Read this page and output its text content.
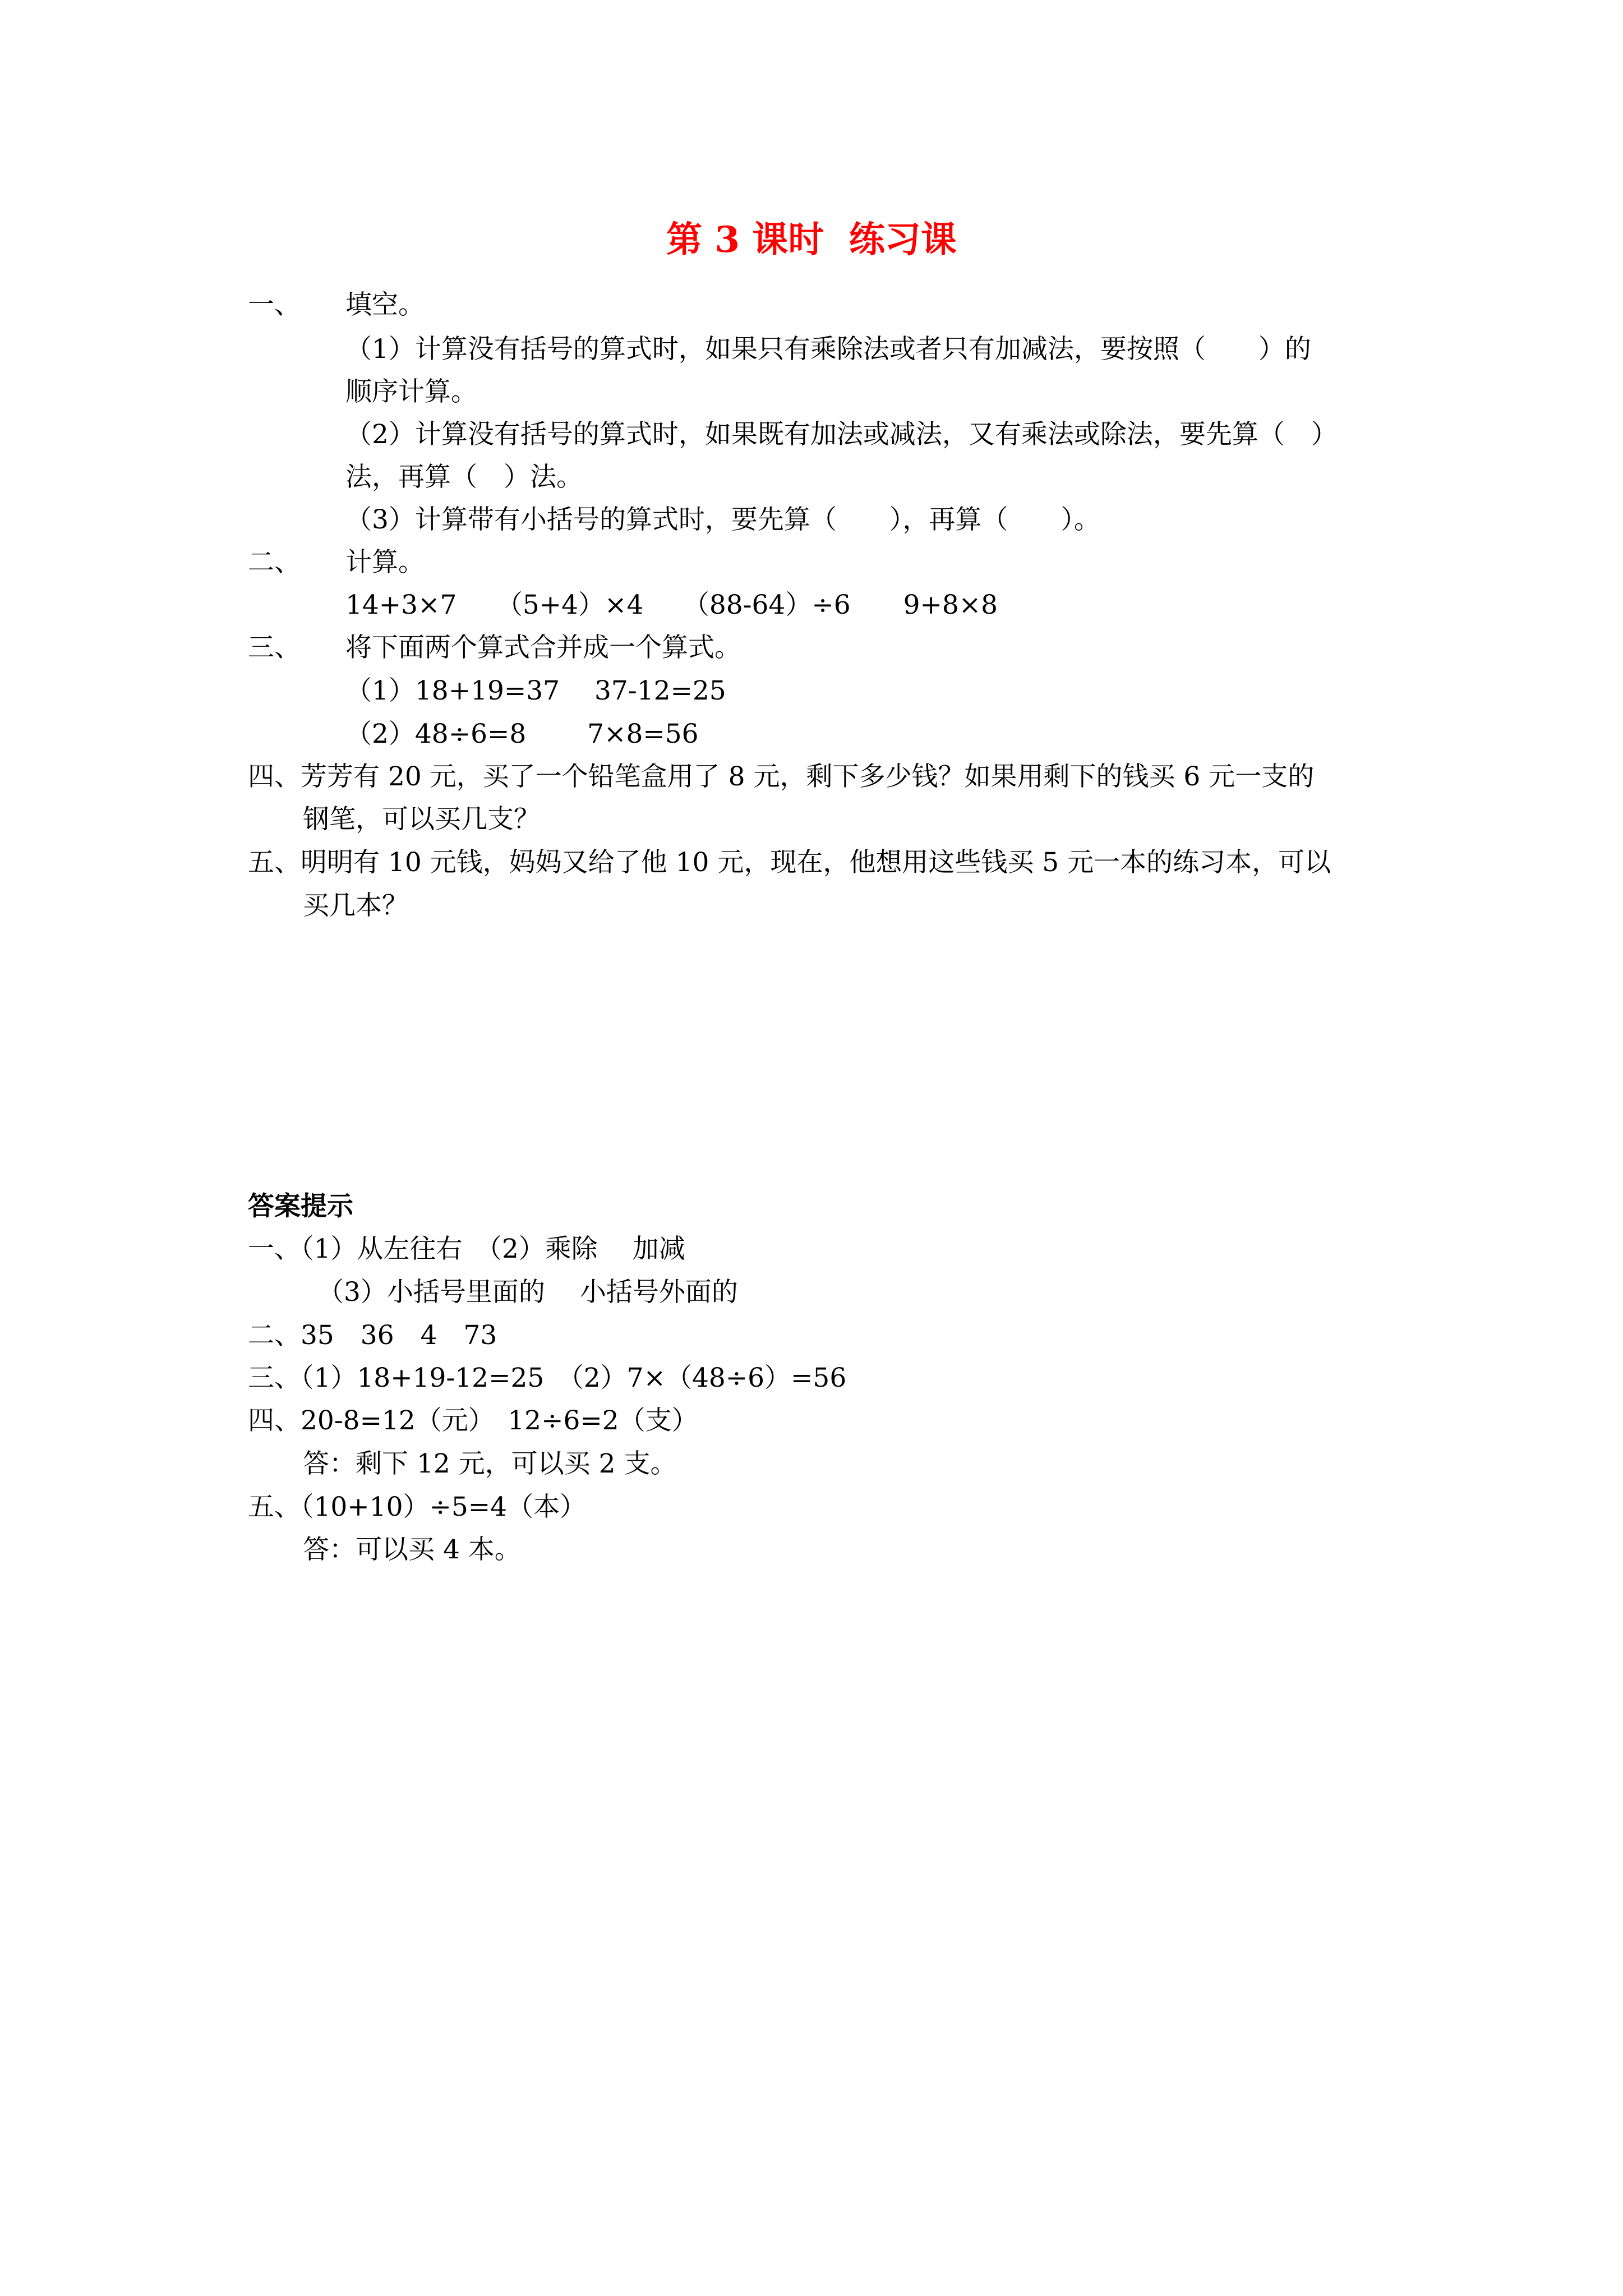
第 3 课时  练习课
一、 填空。
（1）计算没有括号的算式时，如果只有乘除法或者只有加减法，要按照（　　）的
顺序计算。
（2）计算没有括号的算式时，如果既有加法或减法，又有乘法或除法，要先算（　）
法，再算（　）法。
（3）计算带有小括号的算式时，要先算（　　），再算（　　）。
二、 计算。
14+3×7　　（5+4）×4　　（88-64）÷6　　9+8×8
三、 将下面两个算式合并成一个算式。
（1）18+19=37　 37-12=25
（2）48÷6=8　　 7×8=56
四、芳芳有 20 元，买了一个铅笔盒用了 8 元，剩下多少钱？如果用剩下的钱买 6 元一支的
钢笔，可以买几支？
五、明明有 10 元钱，妈妈又给了他 10 元，现在，他想用这些钱买 5 元一本的练习本，可以
买几本？
答案提示
一、（1）从左往右　（2）乘除　 加减
（3）小括号里面的　 小括号外面的
二、35　36　4　73
三、（1）18+19-12=25　（2）7×（48÷6）=56
四、20-8=12（元）　12÷6=2（支）
答：剩下 12 元，可以买 2 支。
五、（10+10）÷5=4（本）
答：可以买 4 本。
